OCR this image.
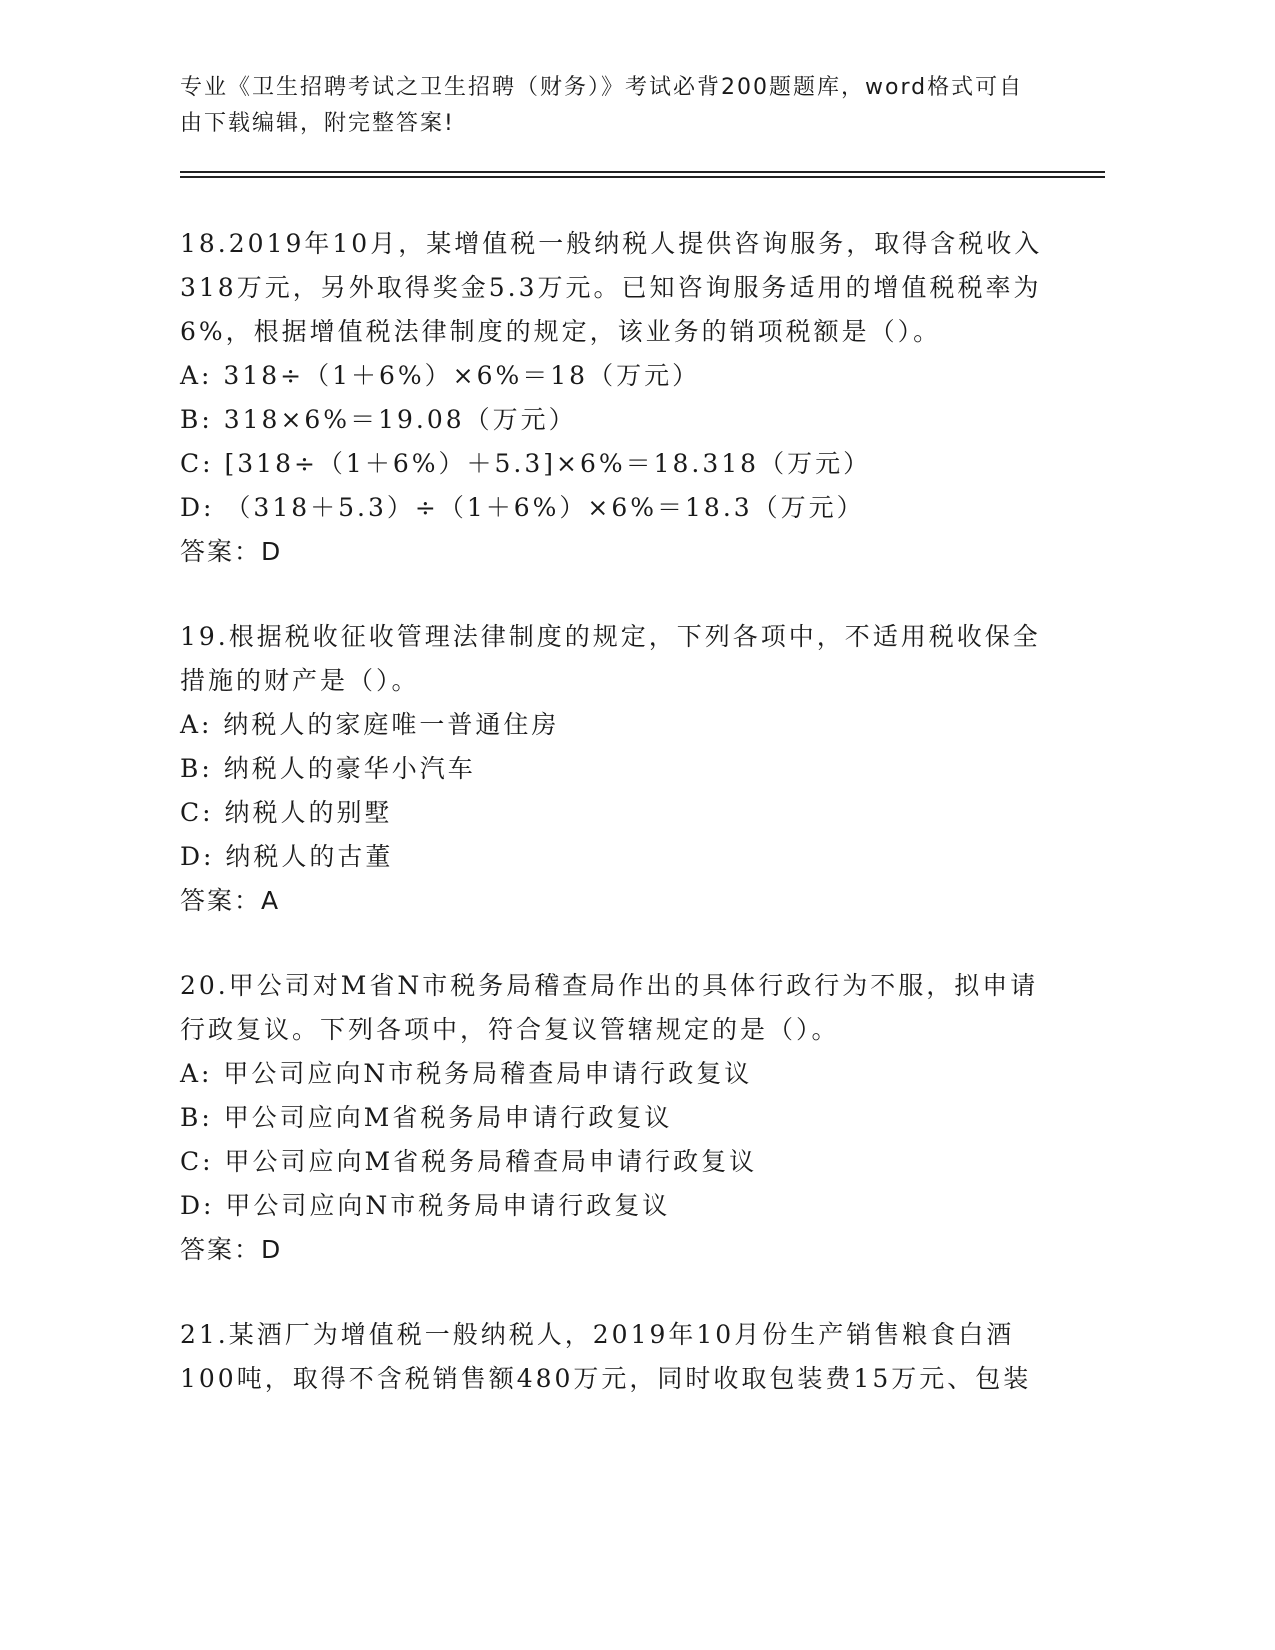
专业《卫生招聘考试之卫生招聘（财务）》考试必背200题题库，word格式可自
由下载编辑，附完整答案!
18.2019年10月，某增值税一般纳税人提供咨询服务，取得含税收入
318万元，另外取得奖金5.3万元。已知咨询服务适用的增值税税率为
6%，根据增值税法律制度的规定，该业务的销项税额是（）。
A: 318÷（1＋6%）×6%＝18（万元）
B: 318×6%＝19.08（万元）
C: [318÷（1＋6%）＋5.3]×6%＝18.318（万元）
D: （318＋5.3）÷（1＋6%）×6%＝18.3（万元）
答案：D
19.根据税收征收管理法律制度的规定，下列各项中，不适用税收保全
措施的财产是（）。
A: 纳税人的家庭唯一普通住房
B: 纳税人的豪华小汽车
C: 纳税人的别墅
D: 纳税人的古董
答案：A
20.甲公司对M省N市税务局稽查局作出的具体行政行为不服，拟申请
行政复议。下列各项中，符合复议管辖规定的是（）。
A: 甲公司应向N市税务局稽查局申请行政复议
B: 甲公司应向M省税务局申请行政复议
C: 甲公司应向M省税务局稽查局申请行政复议
D: 甲公司应向N市税务局申请行政复议
答案：D
21.某酒厂为增值税一般纳税人，2019年10月份生产销售粮食白酒
100吨，取得不含税销售额480万元，同时收取包装费15万元、包装
